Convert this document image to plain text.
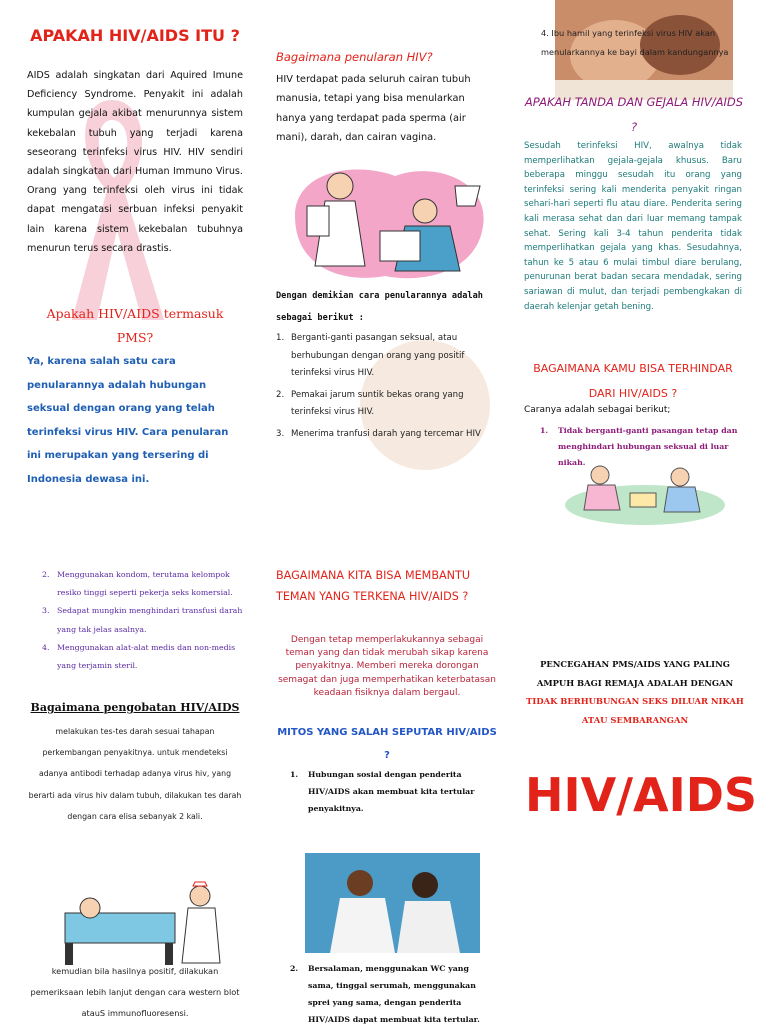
APAKAH HIV/AIDS ITU ?
AIDS adalah singkatan dari Aquired Imune Deficiency Syndrome. Penyakit ini adalah kumpulan gejala akibat menurunnya sistem kekebalan tubuh yang terjadi karena seseorang terinfeksi virus HIV. HIV sendiri adalah singkatan dari Human Immuno Virus. Orang yang terinfeksi oleh virus ini tidak dapat mengatasi serbuan infeksi penyakit lain karena sistem kekebalan tubuhnya menurun terus secara drastis.
Apakah HIV/AIDS termasuk PMS?
Ya, karena salah satu cara penularannya adalah hubungan seksual dengan orang yang telah terinfeksi virus HIV. Cara penularan ini merupakan yang tersering di Indonesia dewasa ini.
Bagaimana penularan HIV?
HIV terdapat pada seluruh cairan tubuh manusia, tetapi yang bisa menularkan hanya yang terdapat pada sperma (air mani), darah, dan cairan vagina.
Dengan demikian cara penularannya adalah sebagai berikut :
1. Berganti-ganti pasangan seksual, atau berhubungan dengan orang yang positif terinfeksi virus HIV.
2. Pemakai jarum suntik bekas orang yang terinfeksi virus HIV.
3. Menerima tranfusi darah yang tercemar HIV
4. Ibu hamil yang terinfeksi virus HIV akan menularkannya ke bayi dalam kandungannya
APAKAH TANDA DAN GEJALA HIV/AIDS ?
Sesudah terinfeksi HIV, awalnya tidak memperlihatkan gejala-gejala khusus. Baru beberapa minggu sesudah itu orang yang terinfeksi sering kali menderita penyakit ringan sehari-hari seperti flu atau diare. Penderita sering kali merasa sehat dan dari luar memang tampak sehat. Sering kali 3-4 tahun penderita tidak memperlihatkan gejala yang khas. Sesudahnya, tahun ke 5 atau 6 mulai timbul diare berulang, penurunan berat badan secara mendadak, sering sariawan di mulut, dan terjadi pembengkakan di daerah kelenjar getah bening.
BAGAIMANA KAMU BISA TERHINDAR DARI HIV/AIDS ?
Caranya adalah sebagai berikut;
1.	Tidak berganti-ganti pasangan tetap dan menghindari hubungan seksual di luar nikah.
2. Menggunakan kondom, terutama kelompok resiko tinggi seperti pekerja seks komersial.
3. Sedapat mungkin menghindari transfusi darah yang tak jelas asalnya.
4. Menggunakan alat-alat medis dan non-medis yang terjamin steril.
Bagaimana pengobatan HIV/AIDS
melakukan tes-tes darah sesuai tahapan perkembangan penyakitnya. untuk mendeteksi adanya antibodi terhadap adanya virus hiv, yang berarti ada virus hiv dalam tubuh, dilakukan tes darah dengan cara elisa sebanyak 2 kali.
kemudian bila hasilnya positif, dilakukan pemeriksaan lebih lanjut dengan cara western blot atauS immunofluoresensi.
BAGAIMANA KITA BISA MEMBANTU TEMAN YANG TERKENA HIV/AIDS ?
Dengan tetap memperlakukannya sebagai teman yang dan tidak merubah sikap karena penyakitnya. Memberi mereka dorongan semagat dan juga memperhatikan keterbatasan keadaan fisiknya dalam bergaul.
MITOS YANG SALAH SEPUTAR HIV/AIDS ?
1.	Hubungan sosial dengan penderita HIV/AIDS akan membuat kita tertular penyakitnya.
2.	Bersalaman, menggunakan WC yang sama, tinggal serumah, menggunakan sprei yang sama, dengan penderita HIV/AIDS dapat membuat kita tertular.
PENCEGAHAN PMS/AIDS YANG PALING AMPUH BAGI REMAJA ADALAH DENGAN
TIDAK BERHUBUNGAN SEKS DILUAR NIKAH ATAU SEMBARANGAN
HIV/AIDS
